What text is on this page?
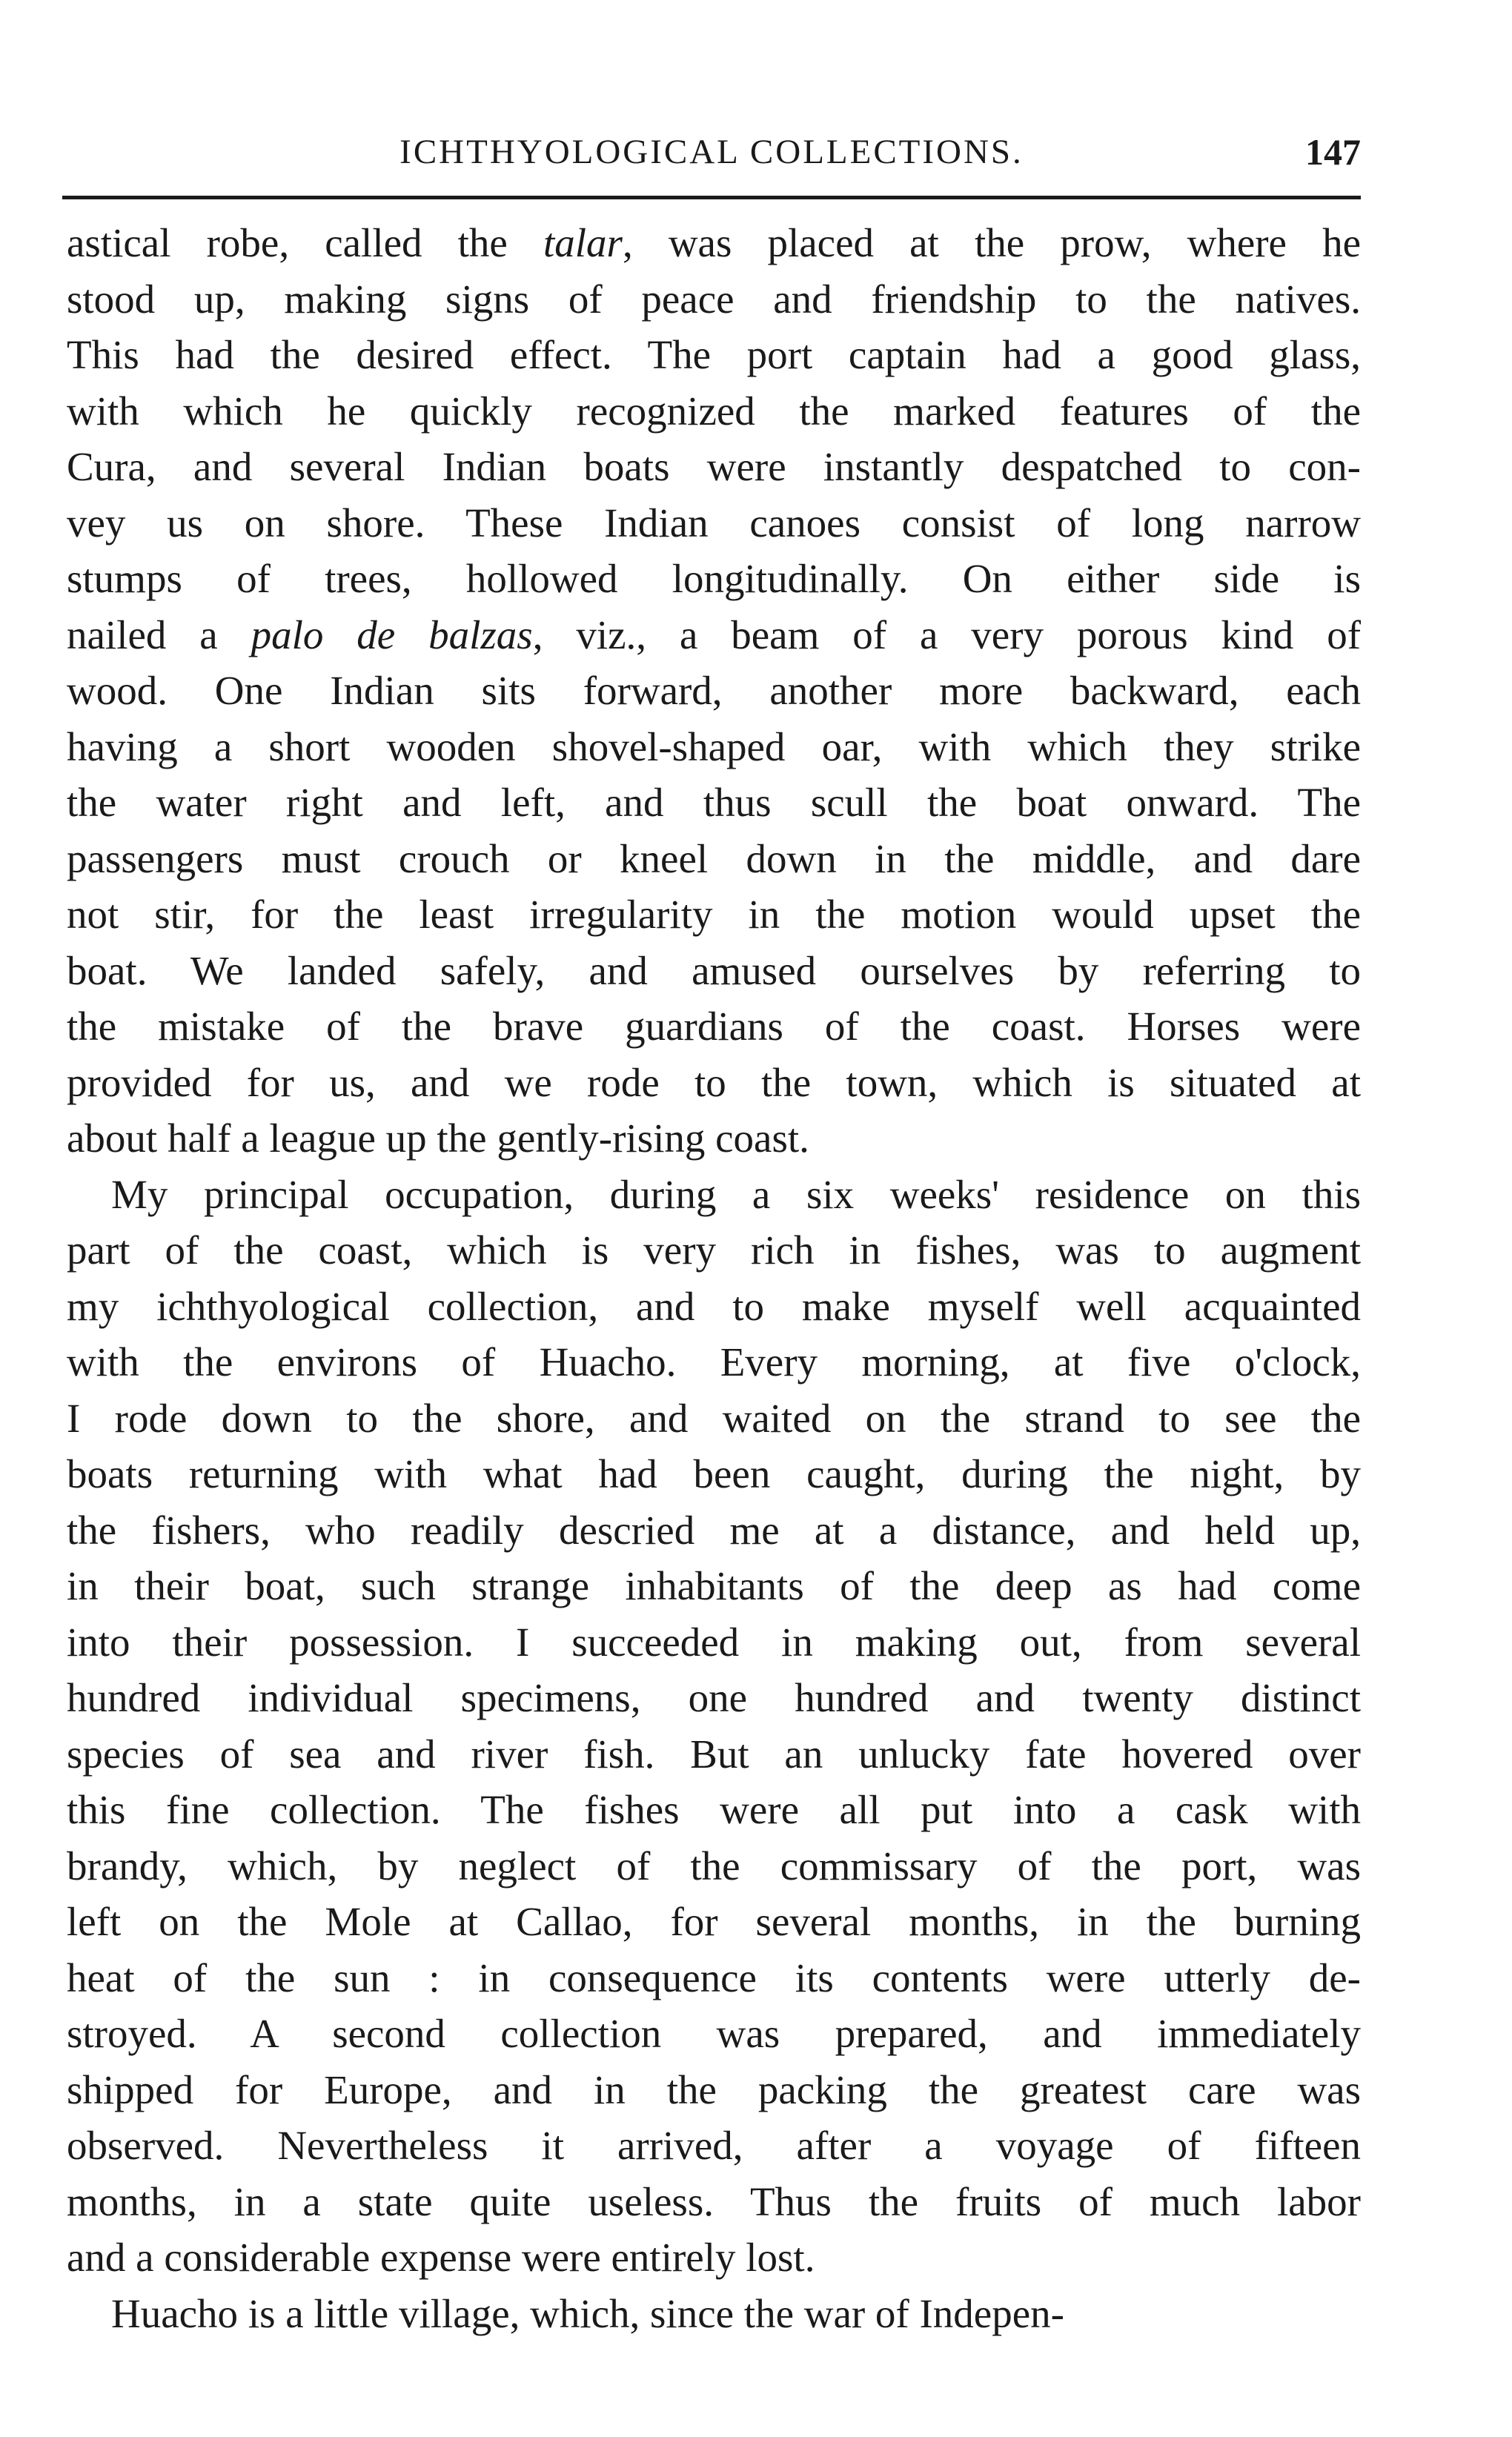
ICHTHYOLOGICAL COLLECTIONS.	147
astical robe, called the talar, was placed at the prow, where he
stood up, making signs of peace and friendship to the natives.
This had the desired effect. The port captain had a good glass,
with which he quickly recognized the marked features of the
Cura, and several Indian boats were instantly despatched to con-
vey us on shore. These Indian canoes consist of long narrow
stumps of trees, hollowed longitudinally. On either side is
nailed a palo de balzas, viz., a beam of a very porous kind of
wood. One Indian sits forward, another more backward, each
having a short wooden shovel-shaped oar, with which they strike
the water right and left, and thus scull the boat onward. The
passengers must crouch or kneel down in the middle, and dare
not stir, for the least irregularity in the motion would upset the
boat. We landed safely, and amused ourselves by referring to
the mistake of the brave guardians of the coast. Horses were
provided for us, and we rode to the town, which is situated at
about half a league up the gently-rising coast.
My principal occupation, during a six weeks' residence on this
part of the coast, which is very rich in fishes, was to augment
my ichthyological collection, and to make myself well acquainted
with the environs of Huacho. Every morning, at five o'clock,
I rode down to the shore, and waited on the strand to see the
boats returning with what had been caught, during the night, by
the fishers, who readily descried me at a distance, and held up,
in their boat, such strange inhabitants of the deep as had come
into their possession. I succeeded in making out, from several
hundred individual specimens, one hundred and twenty distinct
species of sea and river fish. But an unlucky fate hovered over
this fine collection. The fishes were all put into a cask with
brandy, which, by neglect of the commissary of the port, was
left on the Mole at Callao, for several months, in the burning
heat of the sun : in consequence its contents were utterly de-
stroyed. A second collection was prepared, and immediately
shipped for Europe, and in the packing the greatest care was
observed. Nevertheless it arrived, after a voyage of fifteen
months, in a state quite useless. Thus the fruits of much labor
and a considerable expense were entirely lost.
Huacho is a little village, which, since the war of Indepen-
